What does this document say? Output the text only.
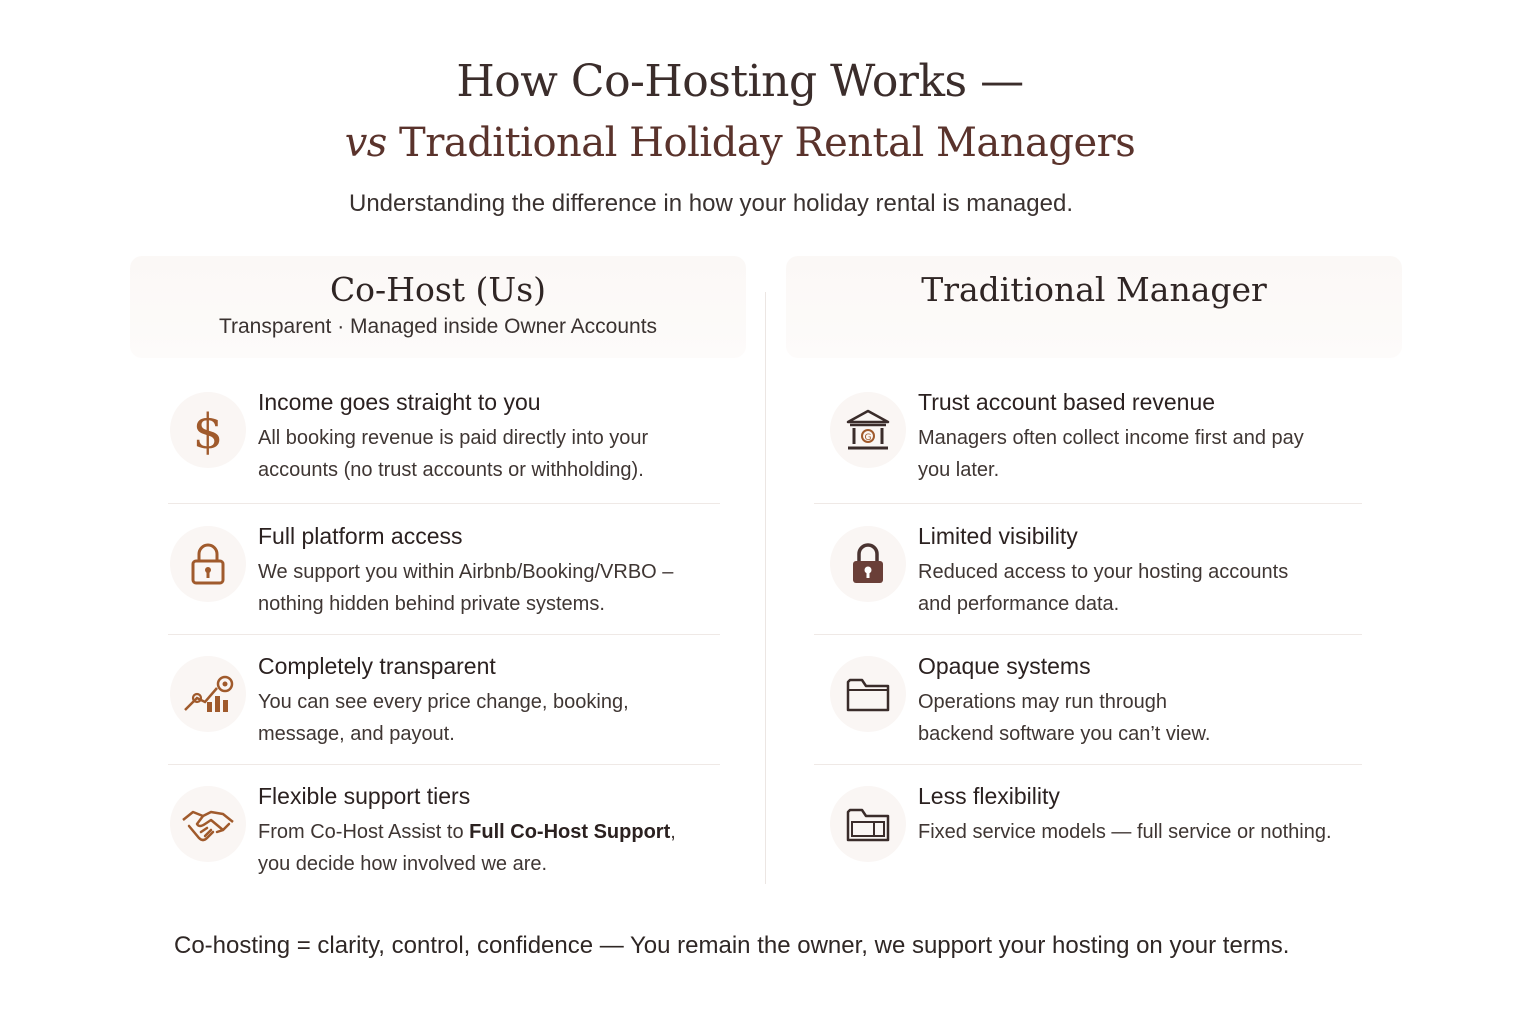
How Co-Hosting Works —
vs Traditional Holiday Rental Managers
Understanding the difference in how your holiday rental is managed.
Co-Host (Us)
Transparent · Managed inside Owner Accounts
Traditional Manager
$
Income goes straight to you
All booking revenue is paid directly into your
accounts (no trust accounts or withholding).
Full platform access
We support you within Airbnb/Booking/VRBO –
nothing hidden behind private systems.
Completely transparent
You can see every price change, booking,
message, and payout.
Flexible support tiers
From Co-Host Assist to Full Co-Host Support,
you decide how involved we are.
G
Trust account based revenue
Managers often collect income first and pay
you later.
Limited visibility
Reduced access to your hosting accounts
and performance data.
Opaque systems
Operations may run through
backend software you can’t view.
Less flexibility
Fixed service models — full service or nothing.
Co-hosting = clarity, control, confidence — You remain the owner, we support your hosting on your terms.
